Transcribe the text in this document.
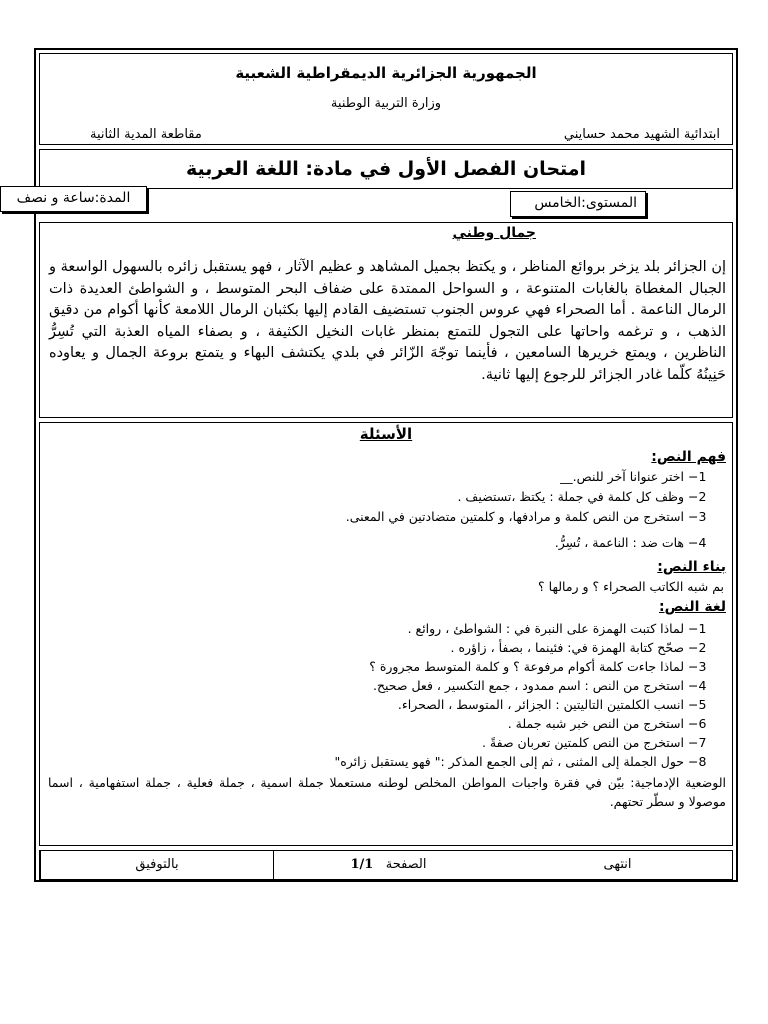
الجمهورية الجزائرية الديمقراطية الشعبية
وزارة التربية الوطنية
ابتدائية الشهيد محمد حسايني
مقاطعة المدية الثانية
امتحان الفصل الأول في مادة: اللغة العربية
جمال وطني
إن الجزائر بلد يزخر بروائع المناظر ، و يكتظ بجميل المشاهد و عظيم الآثار ، فهو يستقبل زائره بالسهول الواسعة و الجبال المغطاة بالغابات المتنوعة ، و السواحل الممتدة على ضفاف البحر المتوسط ، و الشواطئ العديدة ذات الرمال الناعمة . أما الصحراء فهي عروس الجنوب تستضيف القادم إليها بكثبان الرمال اللامعة كأنها أكوام من دقيق الذهب ، و ترغمه واحاتها على التجول للتمتع بمنظر غابات النخيل الكثيفة ، و بصفاء المياه العذبة التي تُسِرُّ الناظرين ، ويمتع خريرها السامعين ، فأينما توجّهَ الزّائر في بلدي يكتشف البهاء و يتمتع بروعة الجمال و يعاوده حَنِينُهُ كلّما غادر الجزائر للرجوع إليها ثانية.
الأسئلة
فهم النص:
1− اختر عنوانا آخر للنص.__
2− وظف كل كلمة في جملة : يكتظ ،تستضيف .
3− استخرج من النص كلمة و مرادفها، و كلمتين متضادتين في المعنى.
4− هات ضد : الناعمة ، تُسِرُّ.
بناء النص:
بم شبه الكاتب الصحراء ؟ و رمالها ؟
لغة النص:
1− لماذا كتبت الهمزة على النبرة في : الشواطئ ، روائع .
2− صحّح كتابة الهمزة في: فئينما ، بصفأ ، زاؤره .
3− لماذا جاءت كلمة أكوام مرفوعة ؟ و كلمة المتوسط مجرورة ؟
4− استخرج من النص : اسم ممدود ، جمع التكسير ، فعل صحيح.
5− انسب الكلمتين التاليتين : الجزائر ، المتوسط ، الصحراء.
6− استخرج من النص خبر شبه جملة .
7− استخرج من النص كلمتين تعربان صفةً .
8− حول الجملة إلى المثنى ، ثم إلى الجمع المذكر :" فهو يستقبل زائره"
الوضعية الإدماجية: بيّن في فقرة واجبات المواطن المخلص لوطنه مستعملا جملة اسمية ، جملة فعلية ، جملة استفهامية ، اسما موصولا و سطّر تحتهم.
بالتوفيق	الصفحة   1/1	انتهى
المدة:ساعة و نصف	المستوى:الخامس
